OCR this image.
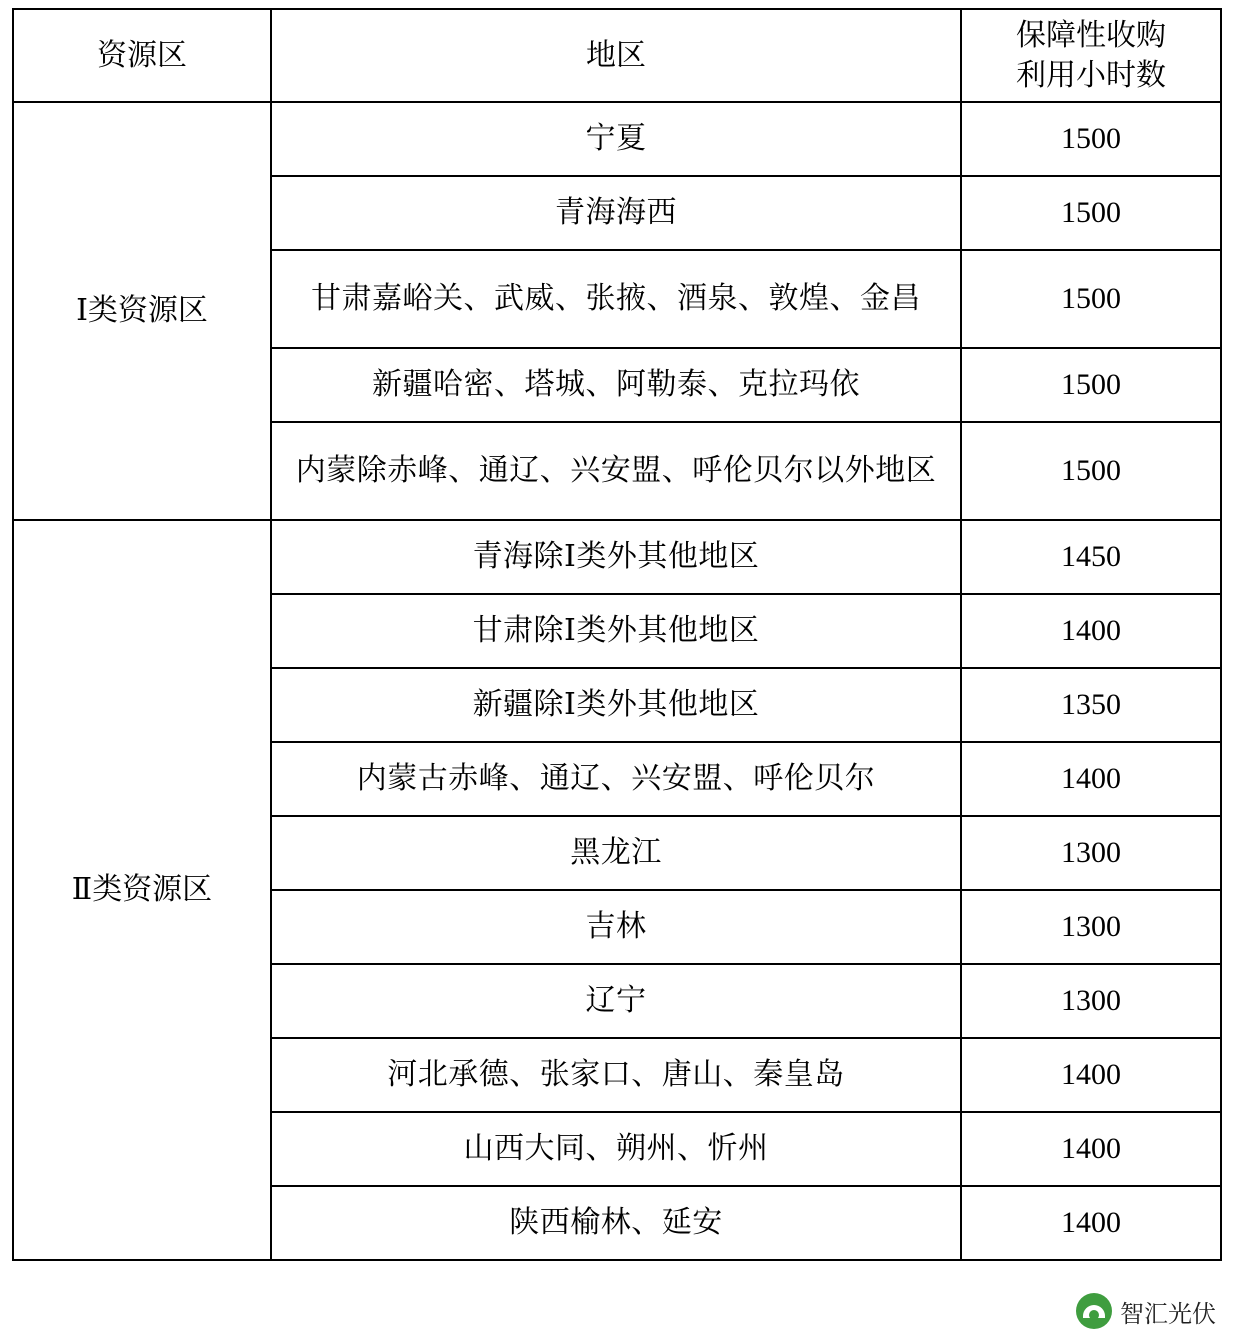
资源区	地区	保障性收购
利用小时数

Ⅰ类资源区	宁夏	1500
	青海海西	1500
	甘肃嘉峪关、武威、张掖、酒泉、敦煌、金昌	1500
	新疆哈密、塔城、阿勒泰、克拉玛依	1500
	内蒙除赤峰、通辽、兴安盟、呼伦贝尔以外地区	1500
Ⅱ类资源区	青海除Ⅰ类外其他地区	1450
	甘肃除Ⅰ类外其他地区	1400
	新疆除Ⅰ类外其他地区	1350
	内蒙古赤峰、通辽、兴安盟、呼伦贝尔	1400
	黑龙江	1300
	吉林	1300
	辽宁	1300
	河北承德、张家口、唐山、秦皇岛	1400
	山西大同、朔州、忻州	1400
	陕西榆林、延安	1400
智汇光伏
